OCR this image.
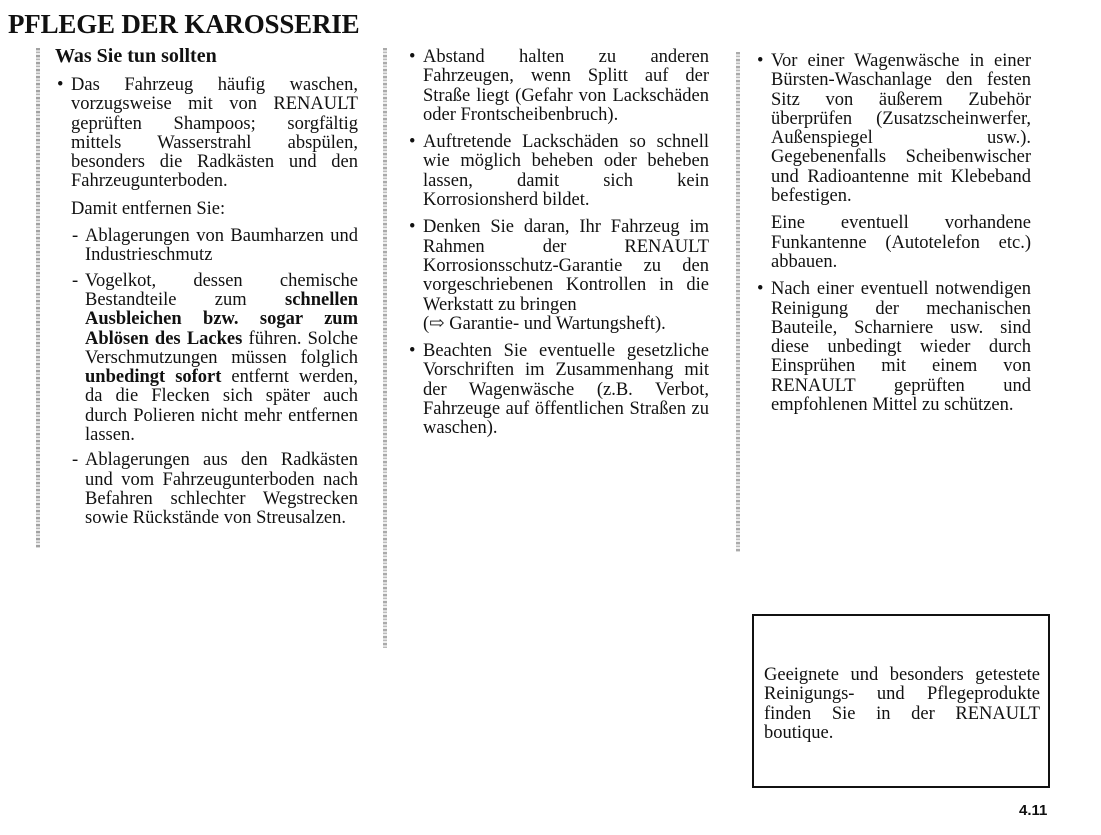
PFLEGE DER KAROSSERIE
Was Sie tun sollten
• Das Fahrzeug häufig waschen, vorzugsweise mit von RENAULT geprüften Shampoos; sorgfältig mittels Wasserstrahl abspülen, besonders die Radkästen und den Fahrzeugunterboden.
Damit entfernen Sie:
- Ablagerungen von Baumharzen und Industrieschmutz
- Vogelkot, dessen chemische Bestandteile zum schnellen Ausbleichen bzw. sogar zum Ablösen des Lackes führen. Solche Verschmutzungen müssen folglich unbedingt sofort entfernt werden, da die Flecken sich später auch durch Polieren nicht mehr entfernen lassen.
- Ablagerungen aus den Radkästen und vom Fahrzeugunterboden nach Befahren schlechter Wegstrecken sowie Rückstände von Streusalzen.
• Abstand halten zu anderen Fahrzeugen, wenn Splitt auf der Straße liegt (Gefahr von Lackschäden oder Frontscheibenbruch).
• Auftretende Lackschäden so schnell wie möglich beheben oder beheben lassen, damit sich kein Korrosionsherd bildet.
• Denken Sie daran, Ihr Fahrzeug im Rahmen der RENAULT Korrosionsschutz-Garantie zu den vorgeschriebenen Kontrollen in die Werkstatt zu bringen
(⇨ Garantie- und Wartungsheft).
• Beachten Sie eventuelle gesetzliche Vorschriften im Zusammenhang mit der Wagenwäsche (z.B. Verbot, Fahrzeuge auf öffentlichen Straßen zu waschen).
• Vor einer Wagenwäsche in einer Bürsten-Waschanlage den festen Sitz von äußerem Zubehör überprüfen (Zusatzscheinwerfer, Außenspiegel usw.). Gegebenenfalls Scheibenwischer und Radioantenne mit Klebeband befestigen.
Eine eventuell vorhandene Funkantenne (Autotelefon etc.) abbauen.
• Nach einer eventuell notwendigen Reinigung der mechanischen Bauteile, Scharniere usw. sind diese unbedingt wieder durch Einsprühen mit einem von RENAULT geprüften und empfohlenen Mittel zu schützen.

Geeignete und besonders getestete Reinigungs- und Pflegeprodukte finden Sie in der RENAULT boutique.

4.11
